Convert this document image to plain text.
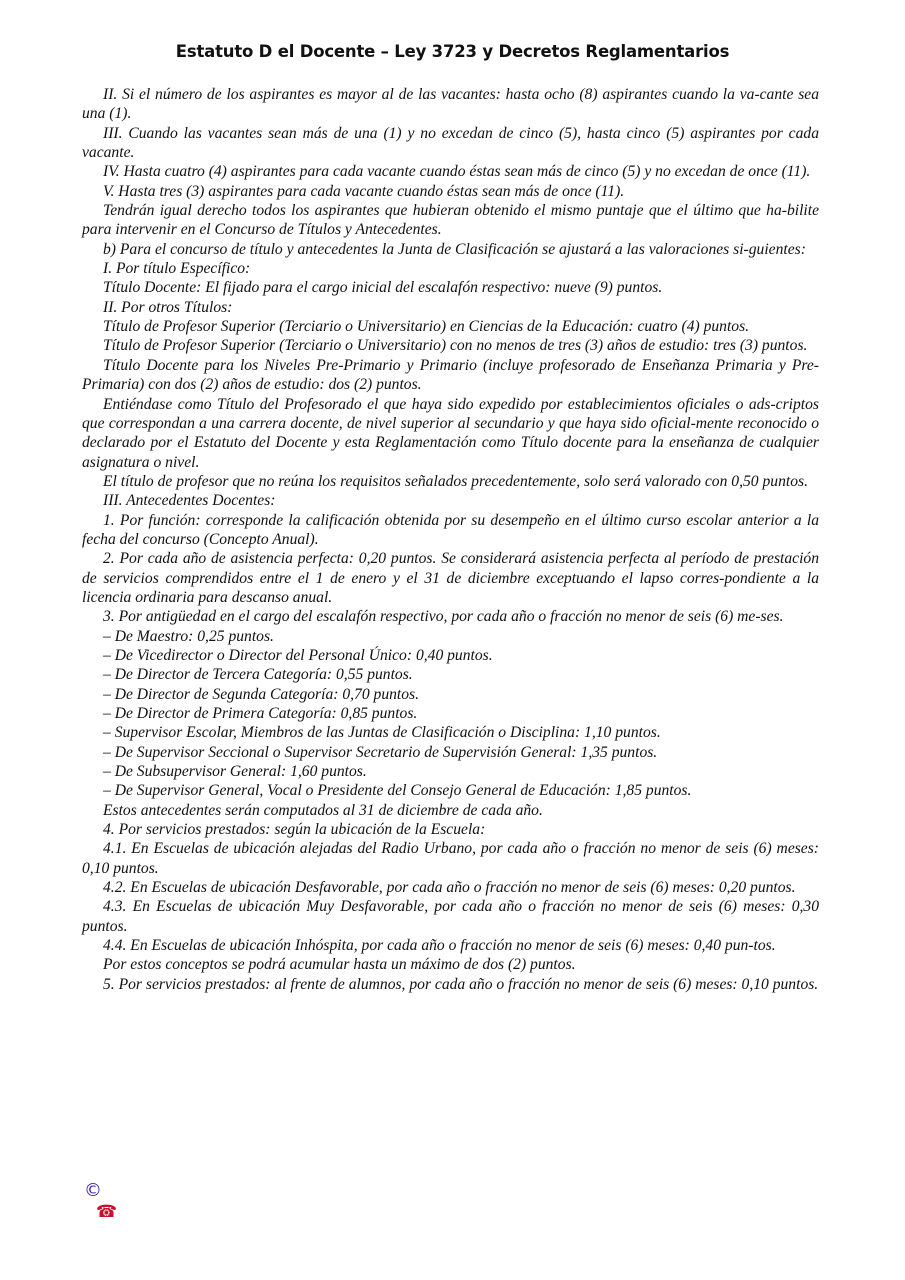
Estatuto D el Docente – Ley 3723 y Decretos Reglamentarios

II. Si el número de los aspirantes es mayor al de las vacantes: hasta ocho (8) aspirantes cuando la va-cante sea una (1).

III. Cuando las vacantes sean más de una (1) y no excedan de cinco (5), hasta cinco (5) aspirantes por cada vacante.

IV. Hasta cuatro (4) aspirantes para cada vacante cuando éstas sean más de cinco (5) y no excedan de once (11).

V. Hasta tres (3) aspirantes para cada vacante cuando éstas sean más de once (11).

Tendrán igual derecho todos los aspirantes que hubieran obtenido el mismo puntaje que el último que ha-bilite para intervenir en el Concurso de Títulos y Antecedentes.

b) Para el concurso de título y antecedentes la Junta de Clasificación se ajustará a las valoraciones si-guientes:

I. Por título Específico:

Título Docente: El fijado para el cargo inicial del escalafón respectivo: nueve (9) puntos.

II. Por otros Títulos:

Título de Profesor Superior (Terciario o Universitario) en Ciencias de la Educación: cuatro (4) puntos.

Título de Profesor Superior (Terciario o Universitario) con no menos de tres (3) años de estudio: tres (3) puntos.

Título Docente para los Niveles Pre-Primario y Primario (incluye profesorado de Enseñanza Primaria y Pre-Primaria) con dos (2) años de estudio: dos (2) puntos.

Entiéndase como Título del Profesorado el que haya sido expedido por establecimientos oficiales o ads-criptos que correspondan a una carrera docente, de nivel superior al secundario y que haya sido oficial-mente reconocido o declarado por el Estatuto del Docente y esta Reglamentación como Título docente para la enseñanza de cualquier asignatura o nivel.

El título de profesor que no reúna los requisitos señalados precedentemente, solo será valorado con 0,50 puntos.

III. Antecedentes Docentes:

1. Por función: corresponde la calificación obtenida por su desempeño en el último curso escolar anterior a la fecha del concurso (Concepto Anual).

2. Por cada año de asistencia perfecta: 0,20 puntos. Se considerará asistencia perfecta al período de prestación de servicios comprendidos entre el 1 de enero y el 31 de diciembre exceptuando el lapso corres-pondiente a la licencia ordinaria para descanso anual.

3. Por antigüedad en el cargo del escalafón respectivo, por cada año o fracción no menor de seis (6) me-ses.

– De Maestro: 0,25 puntos.

– De Vicedirector o Director del Personal Único: 0,40 puntos.

– De Director de Tercera Categoría: 0,55 puntos.

– De Director de Segunda Categoría: 0,70 puntos.

– De Director de Primera Categoría: 0,85 puntos.

– Supervisor Escolar, Miembros de las Juntas de Clasificación o Disciplina: 1,10 puntos.

– De Supervisor Seccional o Supervisor Secretario de Supervisión General: 1,35 puntos.

– De Subsupervisor General: 1,60 puntos.

– De Supervisor General, Vocal o Presidente del Consejo General de Educación: 1,85 puntos.

Estos antecedentes serán computados al 31 de diciembre de cada año.

4. Por servicios prestados: según la ubicación de la Escuela:

4.1. En Escuelas de ubicación alejadas del Radio Urbano, por cada año o fracción no menor de seis (6) meses: 0,10 puntos.

4.2. En Escuelas de ubicación Desfavorable, por cada año o fracción no menor de seis (6) meses: 0,20 puntos.

4.3. En Escuelas de ubicación Muy Desfavorable, por cada año o fracción no menor de seis (6) meses: 0,30 puntos.

4.4. En Escuelas de ubicación Inhóspita, por cada año o fracción no menor de seis (6) meses: 0,40 pun-tos.

Por estos conceptos se podrá acumular hasta un máximo de dos (2) puntos.

5. Por servicios prestados: al frente de alumnos, por cada año o fracción no menor de seis (6) meses: 0,10 puntos.

©
☎
